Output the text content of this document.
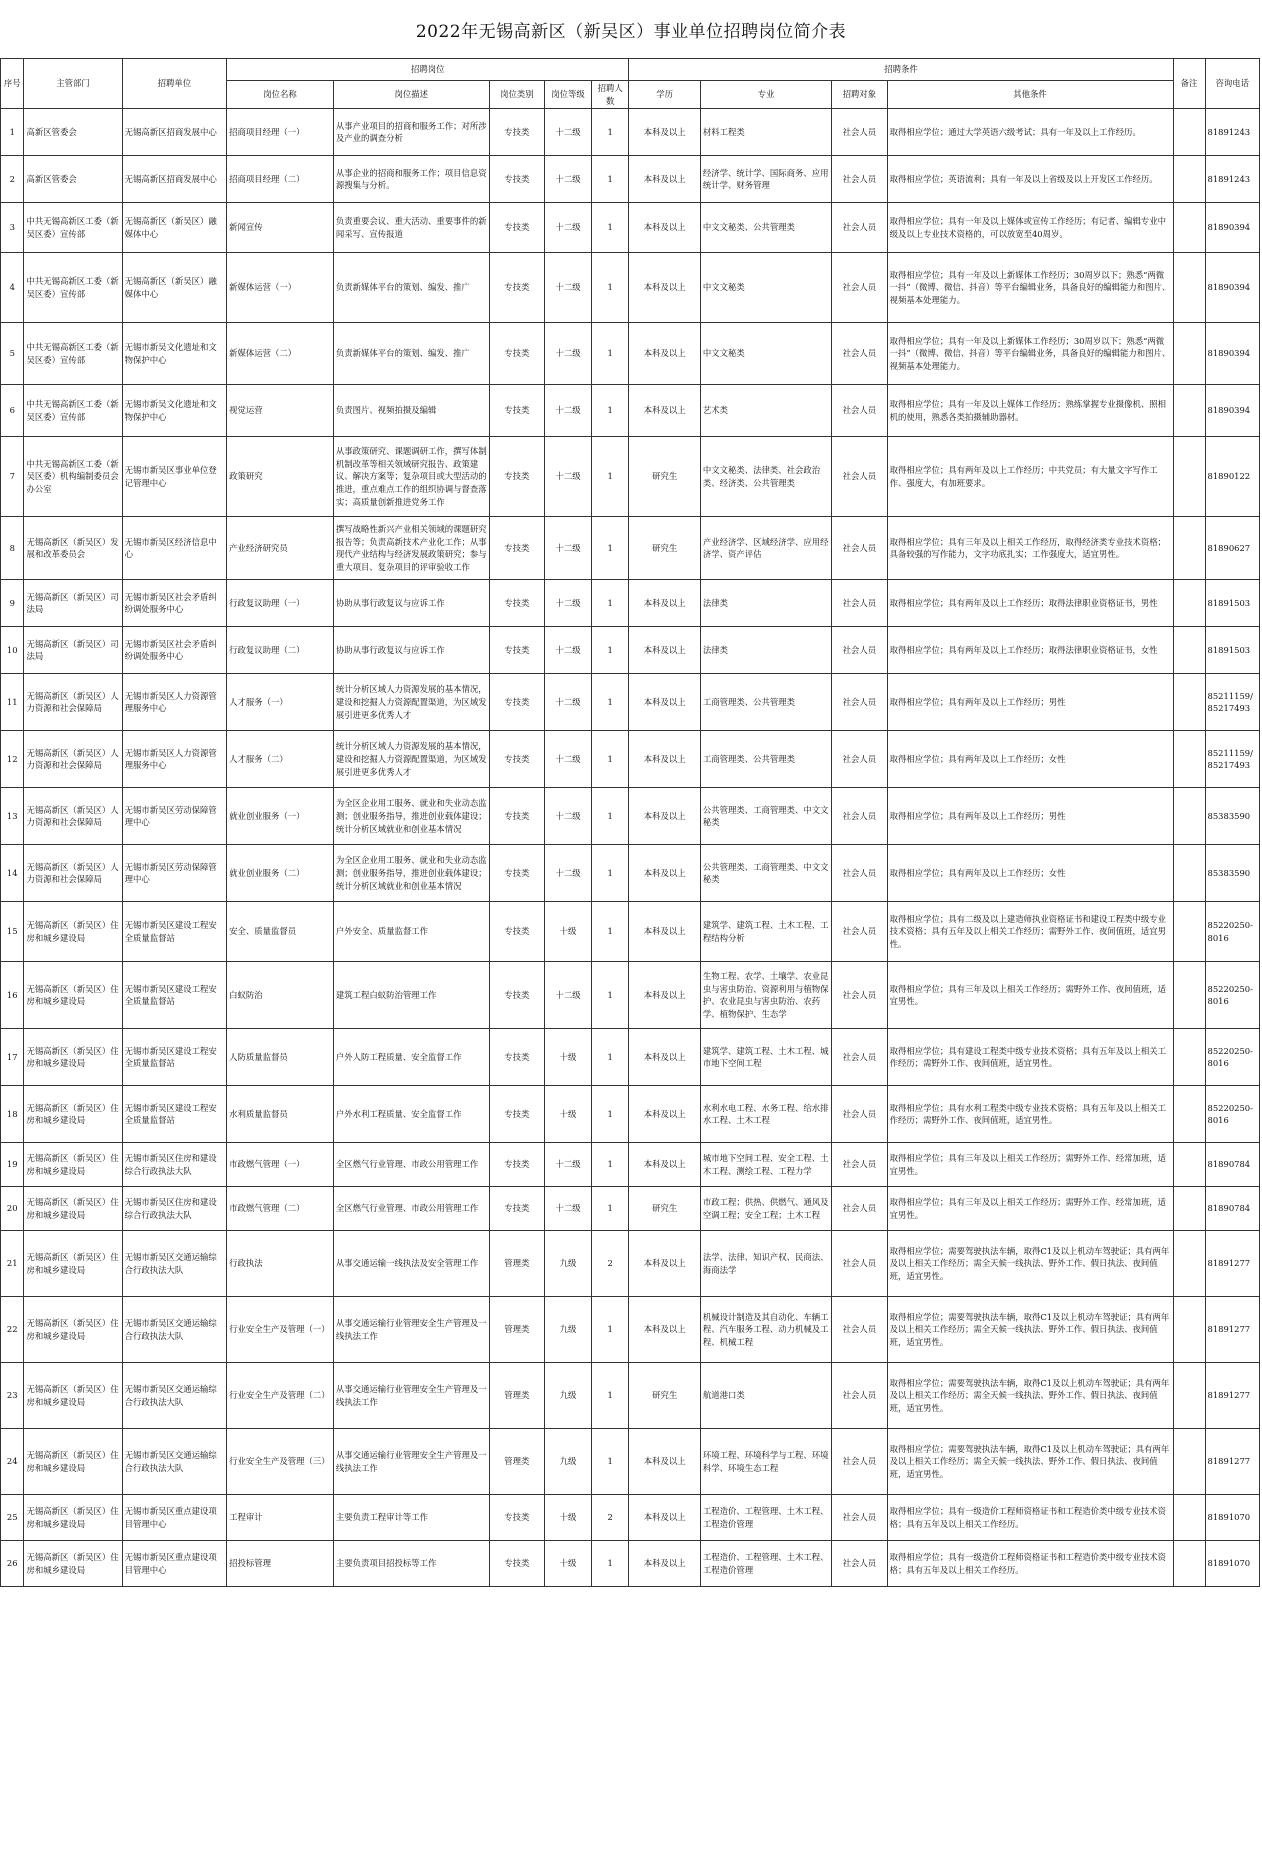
2022年无锡高新区（新吴区）事业单位招聘岗位简介表
序号	主管部门	招聘单位	招聘岗位					招聘条件				备注	咨询电话
			岗位名称	岗位描述	岗位类别	岗位等级	招聘人数	学历	专业	招聘对象	其他条件		
1	高新区管委会	无锡高新区招商发展中心	招商项目经理（一）	从事产业项目的招商和服务工作；对所涉及产业的调查分析	专技类	十二级	1	本科及以上	材料工程类	社会人员	取得相应学位；通过大学英语六级考试；具有一年及以上工作经历。		81891243
2	高新区管委会	无锡高新区招商发展中心	招商项目经理（二）	从事企业的招商和服务工作；项目信息资源搜集与分析。	专技类	十二级	1	本科及以上	经济学、统计学、国际商务、应用统计学、财务管理	社会人员	取得相应学位；英语流利；具有一年及以上省级及以上开发区工作经历。		81891243
3	中共无锡高新区工委（新吴区委）宣传部	无锡高新区（新吴区）融媒体中心	新闻宣传	负责重要会议、重大活动、重要事件的新闻采写、宣传报道	专技类	十二级	1	本科及以上	中文文秘类、公共管理类	社会人员	取得相应学位；具有一年及以上媒体或宣传工作经历；有记者、编辑专业中级及以上专业技术资格的，可以放宽至40周岁。		81890394
4	中共无锡高新区工委（新吴区委）宣传部	无锡高新区（新吴区）融媒体中心	新媒体运营（一）	负责新媒体平台的策划、编发、推广	专技类	十二级	1	本科及以上	中文文秘类	社会人员	取得相应学位；具有一年及以上新媒体工作经历；30周岁以下；熟悉“两微一抖”（微博、微信、抖音）等平台编辑业务，具备良好的编辑能力和图片、视频基本处理能力。		81890394
5	中共无锡高新区工委（新吴区委）宣传部	无锡市新吴文化遗址和文物保护中心	新媒体运营（二）	负责新媒体平台的策划、编发、推广	专技类	十二级	1	本科及以上	中文文秘类	社会人员	取得相应学位；具有一年及以上新媒体工作经历；30周岁以下；熟悉“两微一抖”（微博、微信、抖音）等平台编辑业务，具备良好的编辑能力和图片、视频基本处理能力。		81890394
6	中共无锡高新区工委（新吴区委）宣传部	无锡市新吴文化遗址和文物保护中心	视觉运营	负责图片、视频拍摄及编辑	专技类	十二级	1	本科及以上	艺术类	社会人员	取得相应学位；具有一年及以上媒体工作经历；熟练掌握专业摄像机、照相机的使用，熟悉各类拍摄辅助器材。		81890394
7	中共无锡高新区工委（新吴区委）机构编制委员会办公室	无锡市新吴区事业单位登记管理中心	政策研究	从事政策研究、课题调研工作，撰写体制机制改革等相关领域研究报告、政策建议、解决方案等；复杂项目或大型活动的推进，重点难点工作的组织协调与督查落实；高质量创新推进党务工作	专技类	十二级	1	研究生	中文文秘类、法律类、社会政治类、经济类、公共管理类	社会人员	取得相应学位；具有两年及以上工作经历；中共党员；有大量文字写作工作、强度大，有加班要求。		81890122
8	无锡高新区（新吴区）发展和改革委员会	无锡市新吴区经济信息中心	产业经济研究员	撰写战略性新兴产业相关领域的课题研究报告等；负责高新技术产业化工作；从事现代产业结构与经济发展政策研究；参与重大项目、复杂项目的评审验收工作	专技类	十二级	1	研究生	产业经济学、区域经济学、应用经济学、资产评估	社会人员	取得相应学位；具有三年及以上相关工作经历，取得经济类专业技术资格；具备较强的写作能力，文字功底扎实；工作强度大，适宜男性。		81890627
9	无锡高新区（新吴区）司法局	无锡市新吴区社会矛盾纠纷调处服务中心	行政复议助理（一）	协助从事行政复议与应诉工作	专技类	十二级	1	本科及以上	法律类	社会人员	取得相应学位；具有两年及以上工作经历；取得法律职业资格证书，男性		81891503
10	无锡高新区（新吴区）司法局	无锡市新吴区社会矛盾纠纷调处服务中心	行政复议助理（二）	协助从事行政复议与应诉工作	专技类	十二级	1	本科及以上	法律类	社会人员	取得相应学位；具有两年及以上工作经历；取得法律职业资格证书，女性		81891503
11	无锡高新区（新吴区）人力资源和社会保障局	无锡市新吴区人力资源管理服务中心	人才服务（一）	统计分析区域人力资源发展的基本情况，建设和挖掘人力资源配置渠道，为区域发展引进更多优秀人才	专技类	十二级	1	本科及以上	工商管理类、公共管理类	社会人员	取得相应学位；具有两年及以上工作经历；男性		85211159/85217493
12	无锡高新区（新吴区）人力资源和社会保障局	无锡市新吴区人力资源管理服务中心	人才服务（二）	统计分析区域人力资源发展的基本情况，建设和挖掘人力资源配置渠道，为区域发展引进更多优秀人才	专技类	十二级	1	本科及以上	工商管理类、公共管理类	社会人员	取得相应学位；具有两年及以上工作经历；女性		85211159/85217493
13	无锡高新区（新吴区）人力资源和社会保障局	无锡市新吴区劳动保障管理中心	就业创业服务（一）	为全区企业用工服务、就业和失业动态监测；创业服务指导，推进创业载体建设；统计分析区域就业和创业基本情况	专技类	十二级	1	本科及以上	公共管理类、工商管理类、中文文秘类	社会人员	取得相应学位；具有两年及以上工作经历；男性		85383590
14	无锡高新区（新吴区）人力资源和社会保障局	无锡市新吴区劳动保障管理中心	就业创业服务（二）	为全区企业用工服务、就业和失业动态监测；创业服务指导，推进创业载体建设；统计分析区域就业和创业基本情况	专技类	十二级	1	本科及以上	公共管理类、工商管理类、中文文秘类	社会人员	取得相应学位；具有两年及以上工作经历；女性		85383590
15	无锡高新区（新吴区）住房和城乡建设局	无锡市新吴区建设工程安全质量监督站	安全、质量监督员	户外安全、质量监督工作	专技类	十级	1	本科及以上	建筑学、建筑工程、土木工程、工程结构分析	社会人员	取得相应学位；具有二级及以上建造师执业资格证书和建设工程类中级专业技术资格；具有五年及以上相关工作经历；需野外工作、夜间值班，适宜男性。		85220250-8016
16	无锡高新区（新吴区）住房和城乡建设局	无锡市新吴区建设工程安全质量监督站	白蚁防治	建筑工程白蚁防治管理工作	专技类	十二级	1	本科及以上	生物工程、农学、土壤学、农业昆虫与害虫防治、资源利用与植物保护、农业昆虫与害虫防治、农药学、植物保护、生态学	社会人员	取得相应学位；具有三年及以上相关工作经历；需野外工作、夜间值班，适宜男性。		85220250-8016
17	无锡高新区（新吴区）住房和城乡建设局	无锡市新吴区建设工程安全质量监督站	人防质量监督员	户外人防工程质量、安全监督工作	专技类	十级	1	本科及以上	建筑学、建筑工程、土木工程、城市地下空间工程	社会人员	取得相应学位；具有建设工程类中级专业技术资格；具有五年及以上相关工作经历；需野外工作、夜间值班，适宜男性。		85220250-8016
18	无锡高新区（新吴区）住房和城乡建设局	无锡市新吴区建设工程安全质量监督站	水利质量监督员	户外水利工程质量、安全监督工作	专技类	十级	1	本科及以上	水利水电工程、水务工程、给水排水工程、土木工程	社会人员	取得相应学位；具有水利工程类中级专业技术资格；具有五年及以上相关工作经历；需野外工作、夜间值班，适宜男性。		85220250-8016
19	无锡高新区（新吴区）住房和城乡建设局	无锡市新吴区住房和建设综合行政执法大队	市政燃气管理（一）	全区燃气行业管理、市政公用管理工作	专技类	十二级	1	本科及以上	城市地下空间工程、安全工程、土木工程、测绘工程、工程力学	社会人员	取得相应学位；具有三年及以上相关工作经历；需野外工作、经常加班，适宜男性。		81890784
20	无锡高新区（新吴区）住房和城乡建设局	无锡市新吴区住房和建设综合行政执法大队	市政燃气管理（二）	全区燃气行业管理、市政公用管理工作	专技类	十二级	1	研究生	市政工程；供热、供燃气、通风及空调工程；安全工程；土木工程	社会人员	取得相应学位；具有三年及以上相关工作经历；需野外工作、经常加班，适宜男性。		81890784
21	无锡高新区（新吴区）住房和城乡建设局	无锡市新吴区交通运输综合行政执法大队	行政执法	从事交通运输一线执法及安全管理工作	管理类	九级	2	本科及以上	法学、法律、知识产权、民商法、海商法学	社会人员	取得相应学位；需要驾驶执法车辆，取得C1及以上机动车驾驶证；具有两年及以上相关工作经历；需全天候一线执法、野外工作、假日执法、夜间值班，适宜男性。		81891277
22	无锡高新区（新吴区）住房和城乡建设局	无锡市新吴区交通运输综合行政执法大队	行业安全生产及管理（一）	从事交通运输行业管理安全生产管理及一线执法工作	管理类	九级	1	本科及以上	机械设计制造及其自动化、车辆工程、汽车服务工程、动力机械及工程、机械工程	社会人员	取得相应学位；需要驾驶执法车辆，取得C1及以上机动车驾驶证；具有两年及以上相关工作经历；需全天候一线执法、野外工作、假日执法、夜间值班，适宜男性。		81891277
23	无锡高新区（新吴区）住房和城乡建设局	无锡市新吴区交通运输综合行政执法大队	行业安全生产及管理（二）	从事交通运输行业管理安全生产管理及一线执法工作	管理类	九级	1	研究生	航道港口类	社会人员	取得相应学位；需要驾驶执法车辆，取得C1及以上机动车驾驶证；具有两年及以上相关工作经历；需全天候一线执法、野外工作、假日执法、夜间值班，适宜男性。		81891277
24	无锡高新区（新吴区）住房和城乡建设局	无锡市新吴区交通运输综合行政执法大队	行业安全生产及管理（三）	从事交通运输行业管理安全生产管理及一线执法工作	管理类	九级	1	本科及以上	环境工程、环境科学与工程、环境科学、环境生态工程	社会人员	取得相应学位；需要驾驶执法车辆，取得C1及以上机动车驾驶证；具有两年及以上相关工作经历；需全天候一线执法、野外工作、假日执法、夜间值班，适宜男性。		81891277
25	无锡高新区（新吴区）住房和城乡建设局	无锡市新吴区重点建设项目管理中心	工程审计	主要负责工程审计等工作	专技类	十级	2	本科及以上	工程造价、工程管理、土木工程、工程造价管理	社会人员	取得相应学位；具有一级造价工程师资格证书和工程造价类中级专业技术资格；具有五年及以上相关工作经历。		81891070
26	无锡高新区（新吴区）住房和城乡建设局	无锡市新吴区重点建设项目管理中心	招投标管理	主要负责项目招投标等工作	专技类	十级	1	本科及以上	工程造价、工程管理、土木工程、工程造价管理	社会人员	取得相应学位；具有一级造价工程师资格证书和工程造价类中级专业技术资格；具有五年及以上相关工作经历。		81891070
